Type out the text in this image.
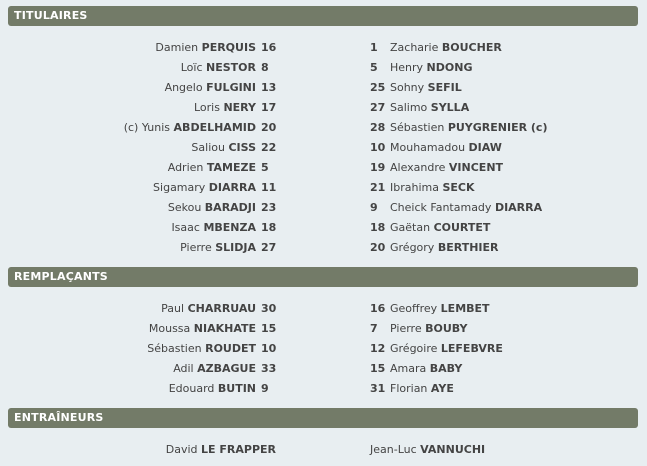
TITULAIRES
Damien PERQUIS 16	1	Zacharie BOUCHER
Loïc NESTOR 8	5	Henry NDONG
Angelo FULGINI 13	25 Sohny SEFIL
Loris NERY 17	27 Salimo SYLLA
(c) Yunis ABDELHAMID 20	28 Sébastien PUYGRENIER (c)
Saliou CISS 22	10 Mouhamadou DIAW
Adrien TAMEZE 5	19 Alexandre VINCENT
Sigamary DIARRA 11	21 Ibrahima SECK
Sekou BARADJI 23	9	Cheick Fantamady DIARRA
Isaac MBENZA 18	18 Gaëtan COURTET
Pierre SLIDJA 27	20 Grégory BERTHIER
REMPLAÇANTS
Paul CHARRUAU 30	16 Geoffrey LEMBET
Moussa NIAKHATE 15	7	Pierre BOUBY
Sébastien ROUDET 10	12 Grégoire LEFEBVRE
Adil AZBAGUE 33	15 Amara BABY
Edouard BUTIN 9	31 Florian AYE
ENTRAÎNEURS
David LE FRAPPER	Jean-Luc VANNUCHI
